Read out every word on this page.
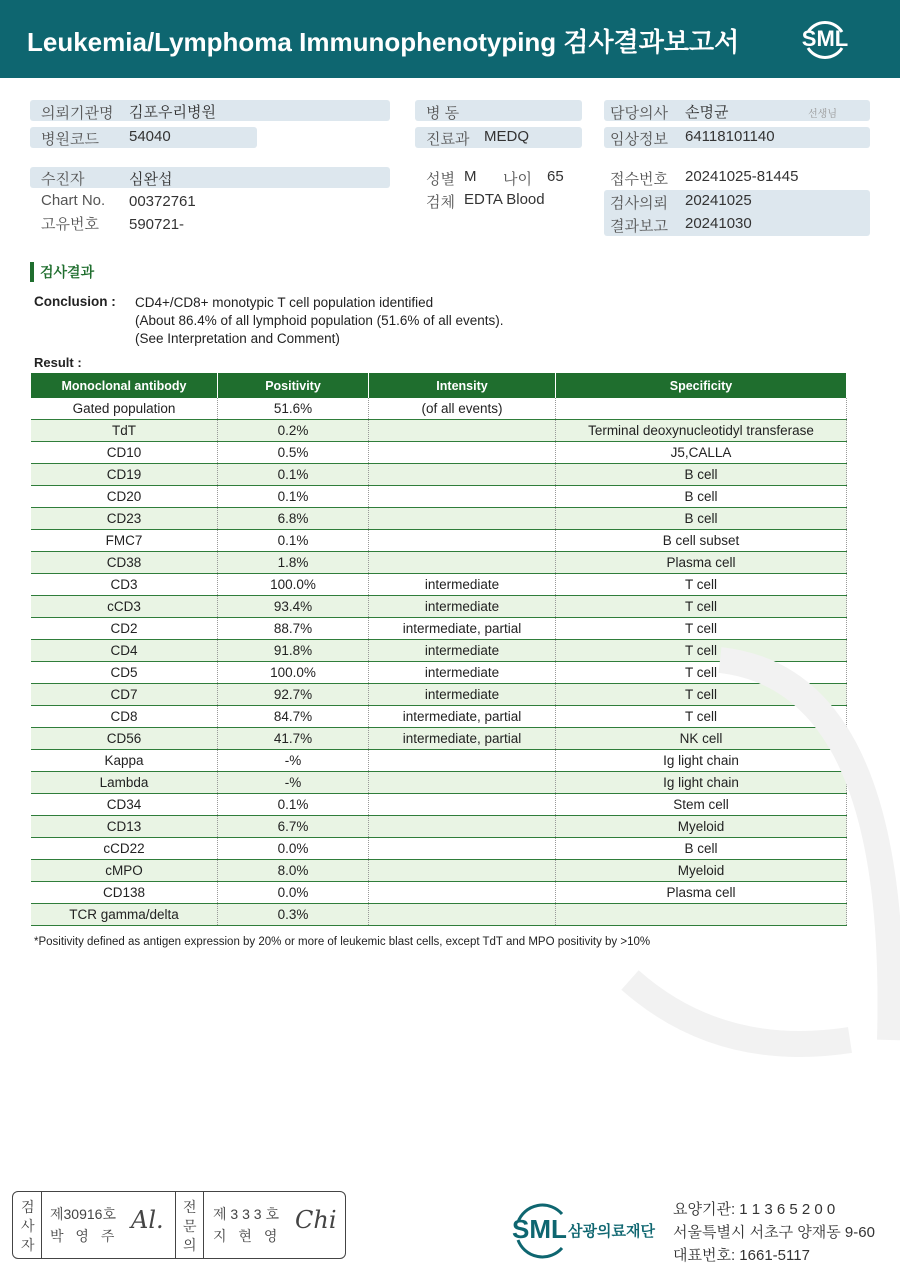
Leukemia/Lymphoma Immunophenotyping 검사결과보고서	SML
의뢰기관명 김포우리병원
병원코드 54040
병 동
진료과 MEDQ
담당의사 손명균	선생님
임상정보 64118101140
수진자	심완섭
Chart No. 00372761
고유번호 590721-
성별 M 나이 65
검체 EDTA Blood
접수번호 20241025-81445
검사의뢰 20241025
결과보고 20241030
검사결과
Conclusion : CD4+/CD8+ monotypic T cell population identified
(About 86.4% of all lymphoid population (51.6% of all events).
(See Interpretation and Comment)
Result :
Monoclonal antibody	Positivity	Intensity	Specificity
Gated population	51.6%	(of all events)	
TdT	0.2%		Terminal deoxynucleotidyl transferase
CD10	0.5%		J5,CALLA
CD19	0.1%		B cell
CD20	0.1%		B cell
CD23	6.8%		B cell
FMC7	0.1%		B cell subset
CD38	1.8%		Plasma cell
CD3	100.0%	intermediate	T cell
cCD3	93.4%	intermediate	T cell
CD2	88.7%	intermediate, partial	T cell
CD4	91.8%	intermediate	T cell
CD5	100.0%	intermediate	T cell
CD7	92.7%	intermediate	T cell
CD8	84.7%	intermediate, partial	T cell
CD56	41.7%	intermediate, partial	NK cell
Kappa	-%		Ig light chain
Lambda	-%		Ig light chain
CD34	0.1%		Stem cell
CD13	6.7%		Myeloid
cCD22	0.0%		B cell
cMPO	8.0%		Myeloid
CD138	0.0%		Plasma cell
TCR gamma/delta	0.3%		
*Positivity defined as antigen expression by 20% or more of leukemic blast cells, except TdT and MPO positivity by >10%
검사자
제30916호
박 영 주
Al. 전문의
제 3 3 3 호
지 현 영
Chi	SML 삼광의료재단
요양기관: 1 1 3 6 5 2 0 0
서울특별시 서초구 양재동 9-60
대표번호: 1661-5117
